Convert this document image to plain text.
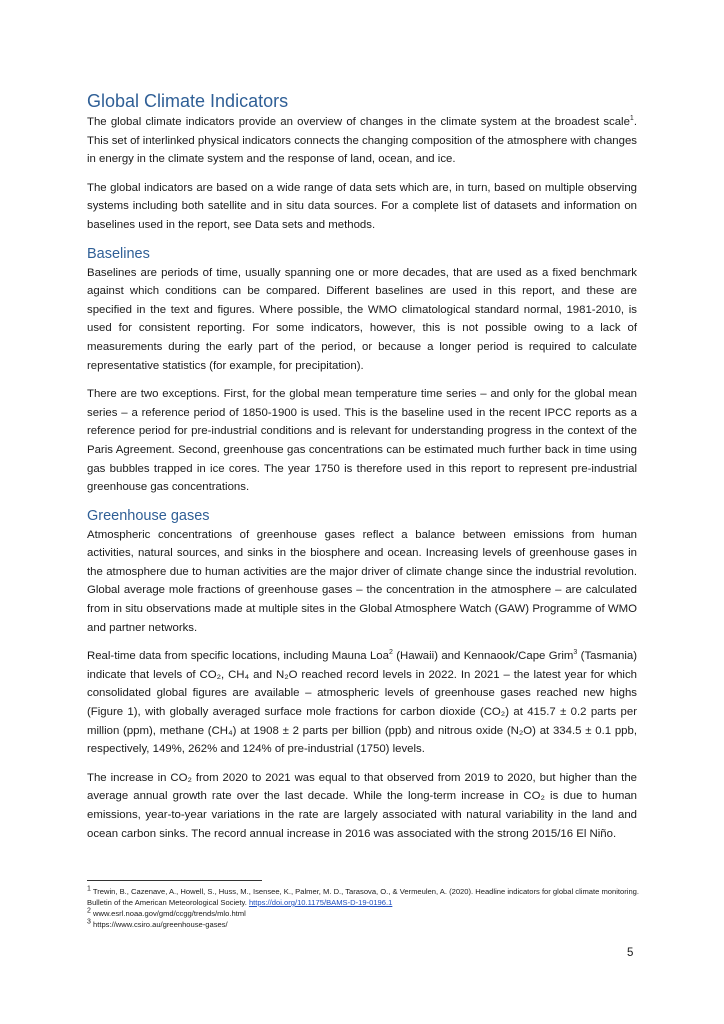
Global Climate Indicators

The global climate indicators provide an overview of changes in the climate system at the broadest scale$^1$. This set of interlinked physical indicators connects the changing composition of the atmosphere with changes in energy in the climate system and the response of land, ocean, and ice.

The global indicators are based on a wide range of data sets which are, in turn, based on multiple observing systems including both satellite and in situ data sources. For a complete list of datasets and information on baselines used in the report, see Data sets and methods.

Baselines

Baselines are periods of time, usually spanning one or more decades, that are used as a fixed benchmark against which conditions can be compared. Different baselines are used in this report, and these are specified in the text and figures. Where possible, the WMO climatological standard normal, 1981-2010, is used for consistent reporting. For some indicators, however, this is not possible owing to a lack of measurements during the early part of the period, or because a longer period is required to calculate representative statistics (for example, for precipitation).

There are two exceptions. First, for the global mean temperature time series – and only for the global mean series – a reference period of 1850-1900 is used. This is the baseline used in the recent IPCC reports as a reference period for pre-industrial conditions and is relevant for understanding progress in the context of the Paris Agreement. Second, greenhouse gas concentrations can be estimated much further back in time using gas bubbles trapped in ice cores. The year 1750 is therefore used in this report to represent pre-industrial greenhouse gas concentrations.

Greenhouse gases

Atmospheric concentrations of greenhouse gases reflect a balance between emissions from human activities, natural sources, and sinks in the biosphere and ocean. Increasing levels of greenhouse gases in the atmosphere due to human activities are the major driver of climate change since the industrial revolution. Global average mole fractions of greenhouse gases – the concentration in the atmosphere – are calculated from in situ observations made at multiple sites in the Global Atmosphere Watch (GAW) Programme of WMO and partner networks.

Real-time data from specific locations, including Mauna Loa$^2$ (Hawaii) and Kennaook/Cape Grim$^3$ (Tasmania) indicate that levels of CO₂, CH₄ and N₂O reached record levels in 2022. In 2021 – the latest year for which consolidated global figures are available – atmospheric levels of greenhouse gases reached new highs (Figure 1), with globally averaged surface mole fractions for carbon dioxide (CO₂) at 415.7 ± 0.2 parts per million (ppm), methane (CH₄) at 1908 ± 2 parts per billion (ppb) and nitrous oxide (N₂O) at 334.5 ± 0.1 ppb, respectively, 149%, 262% and 124% of pre-industrial (1750) levels.

The increase in CO₂ from 2020 to 2021 was equal to that observed from 2019 to 2020, but higher than the average annual growth rate over the last decade. While the long-term increase in CO₂ is due to human emissions, year-to-year variations in the rate are largely associated with natural variability in the land and ocean carbon sinks. The record annual increase in 2016 was associated with the strong 2015/16 El Niño.

$^1$ Trewin, B., Cazenave, A., Howell, S., Huss, M., Isensee, K., Palmer, M. D., Tarasova, O., & Vermeulen, A. (2020). Headline indicators for global climate monitoring. Bulletin of the American Meteorological Society. https://doi.org/10.1175/BAMS-D-19-0196.1
$^2$ www.esrl.noaa.gov/gmd/ccgg/trends/mlo.html
$^3$ https://www.csiro.au/greenhouse-gases/
5
